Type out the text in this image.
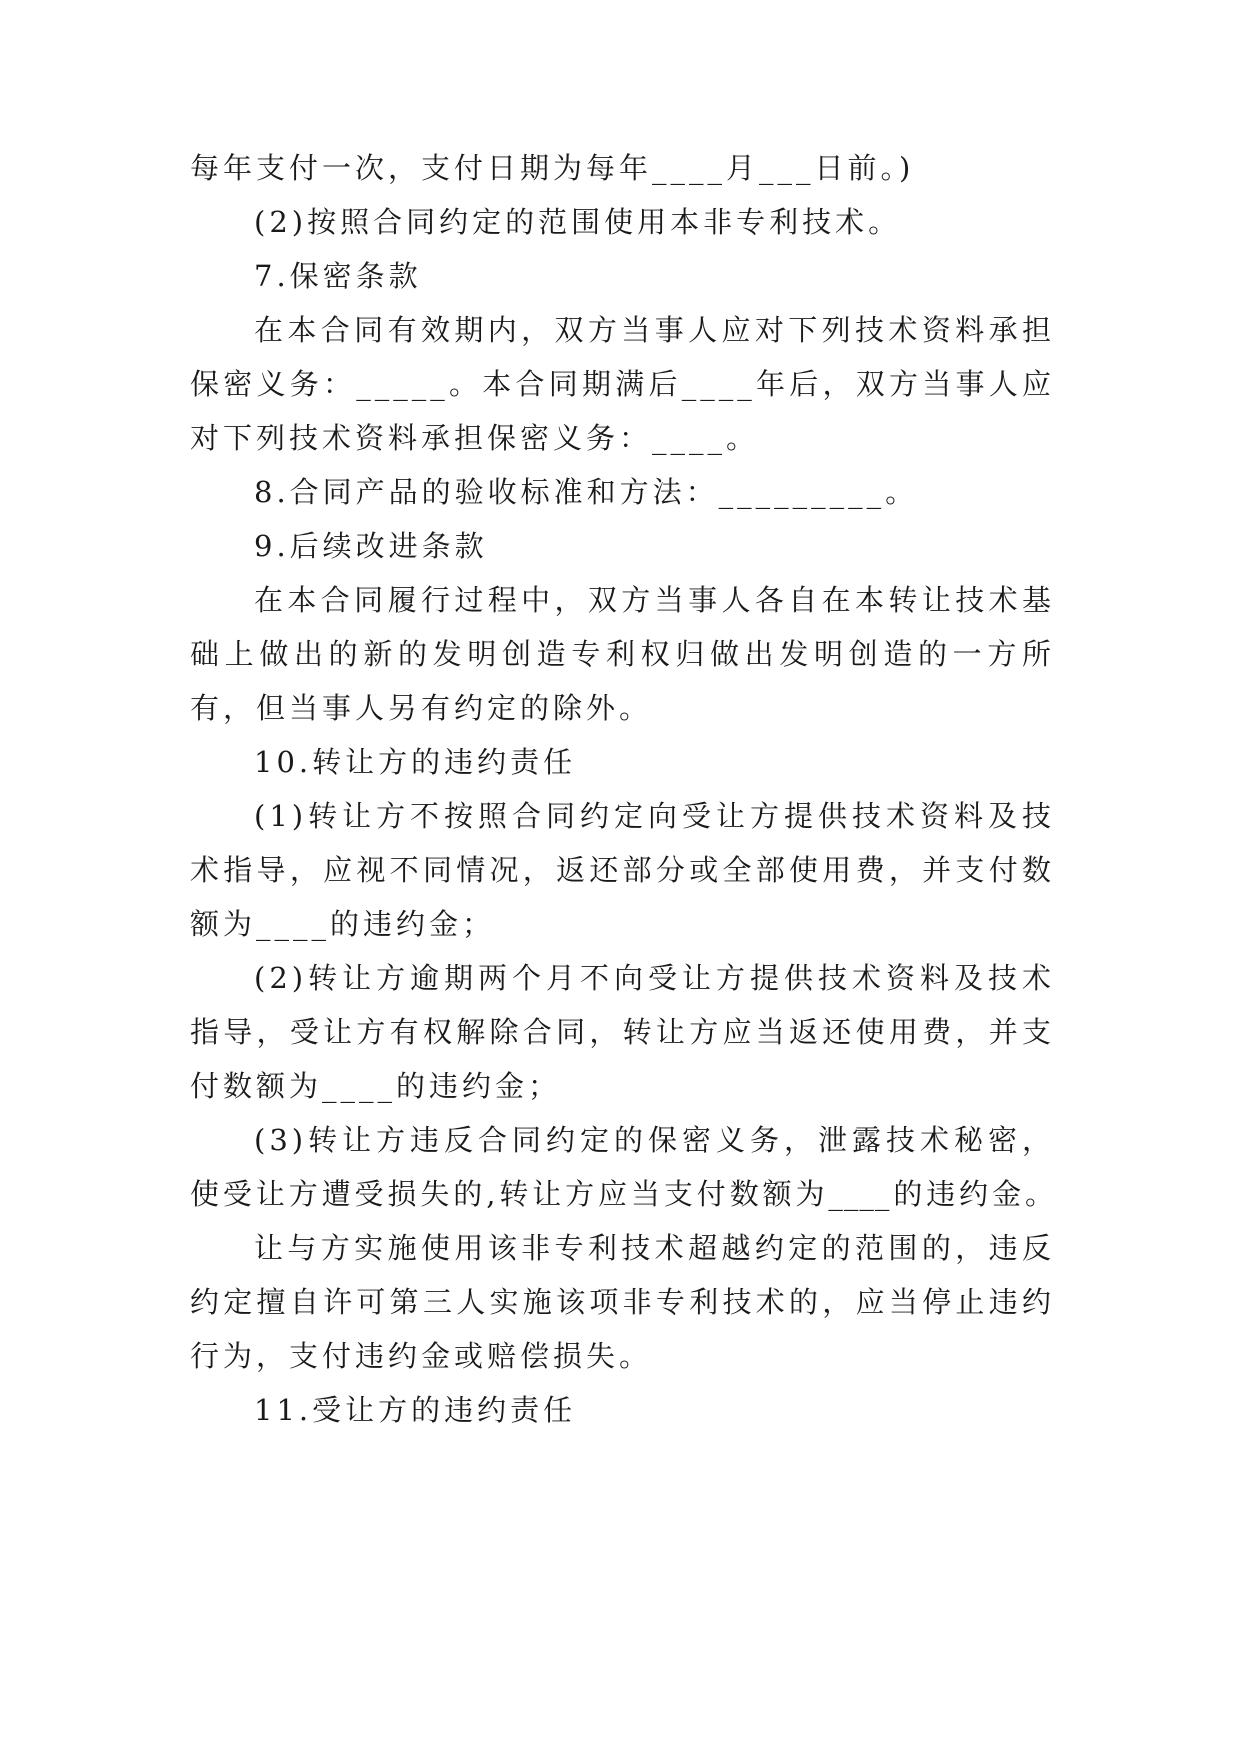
每年支付一次，支付日期为每年____月___日前。)
(2)按照合同约定的范围使用本非专利技术。
7.保密条款
在本合同有效期内，双方当事人应对下列技术资料承担
保密义务：_____。本合同期满后____年后，双方当事人应
对下列技术资料承担保密义务：____。
8.合同产品的验收标准和方法：_________。
9.后续改进条款
在本合同履行过程中，双方当事人各自在本转让技术基
础上做出的新的发明创造专利权归做出发明创造的一方所
有，但当事人另有约定的除外。
10.转让方的违约责任
(1)转让方不按照合同约定向受让方提供技术资料及技
术指导，应视不同情况，返还部分或全部使用费，并支付数
额为____的违约金；
(2)转让方逾期两个月不向受让方提供技术资料及技术
指导，受让方有权解除合同，转让方应当返还使用费，并支
付数额为____的违约金；
(3)转让方违反合同约定的保密义务，泄露技术秘密，
使受让方遭受损失的,转让方应当支付数额为____的违约金。
让与方实施使用该非专利技术超越约定的范围的，违反
约定擅自许可第三人实施该项非专利技术的，应当停止违约
行为，支付违约金或赔偿损失。
11.受让方的违约责任
